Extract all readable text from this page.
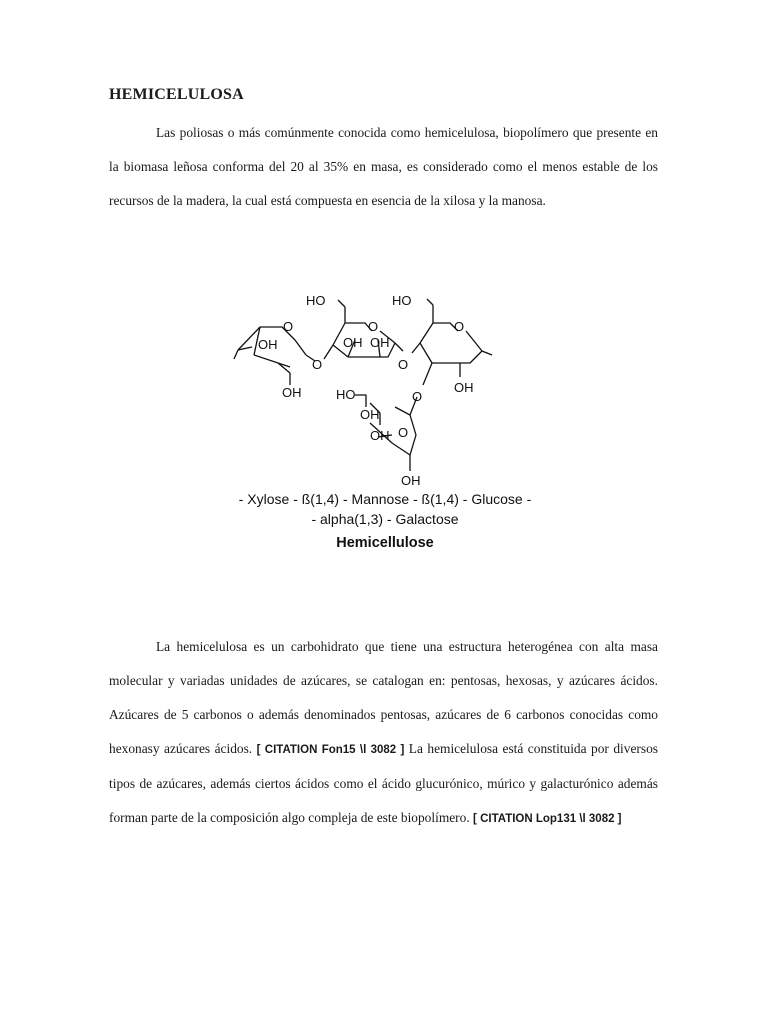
HEMICELULOSA
Las poliosas o más comúnmente conocida como hemicelulosa, biopolímero que presente en la biomasa leñosa conforma del 20 al 35% en masa, es considerado como el menos estable de los recursos de la madera, la cual está compuesta en esencia de la xilosa y la manosa.
HO	HO
HO
O	O	O
O	O
O
O
OH
OH
OH OH
OH
OH
OH
OH
- Xylose - ß(1,4) - Mannose - ß(1,4) - Glucose -
- alpha(1,3) - Galactose
Hemicellulose
La hemicelulosa es un carbohidrato que tiene una estructura heterogénea con alta masa molecular y variadas unidades de azúcares, se catalogan en: pentosas, hexosas, y azúcares ácidos. Azúcares de 5 carbonos o además denominados pentosas, azúcares de 6 carbonos conocidas como hexonasy azúcares ácidos. [ CITATION Fon15 \l 3082 ] La hemicelulosa está constituida por diversos tipos de azúcares, además ciertos ácidos como el ácido glucurónico, múrico y galacturónico además forman parte de la composición algo compleja de este biopolímero. [ CITATION Lop131 \l 3082 ]
